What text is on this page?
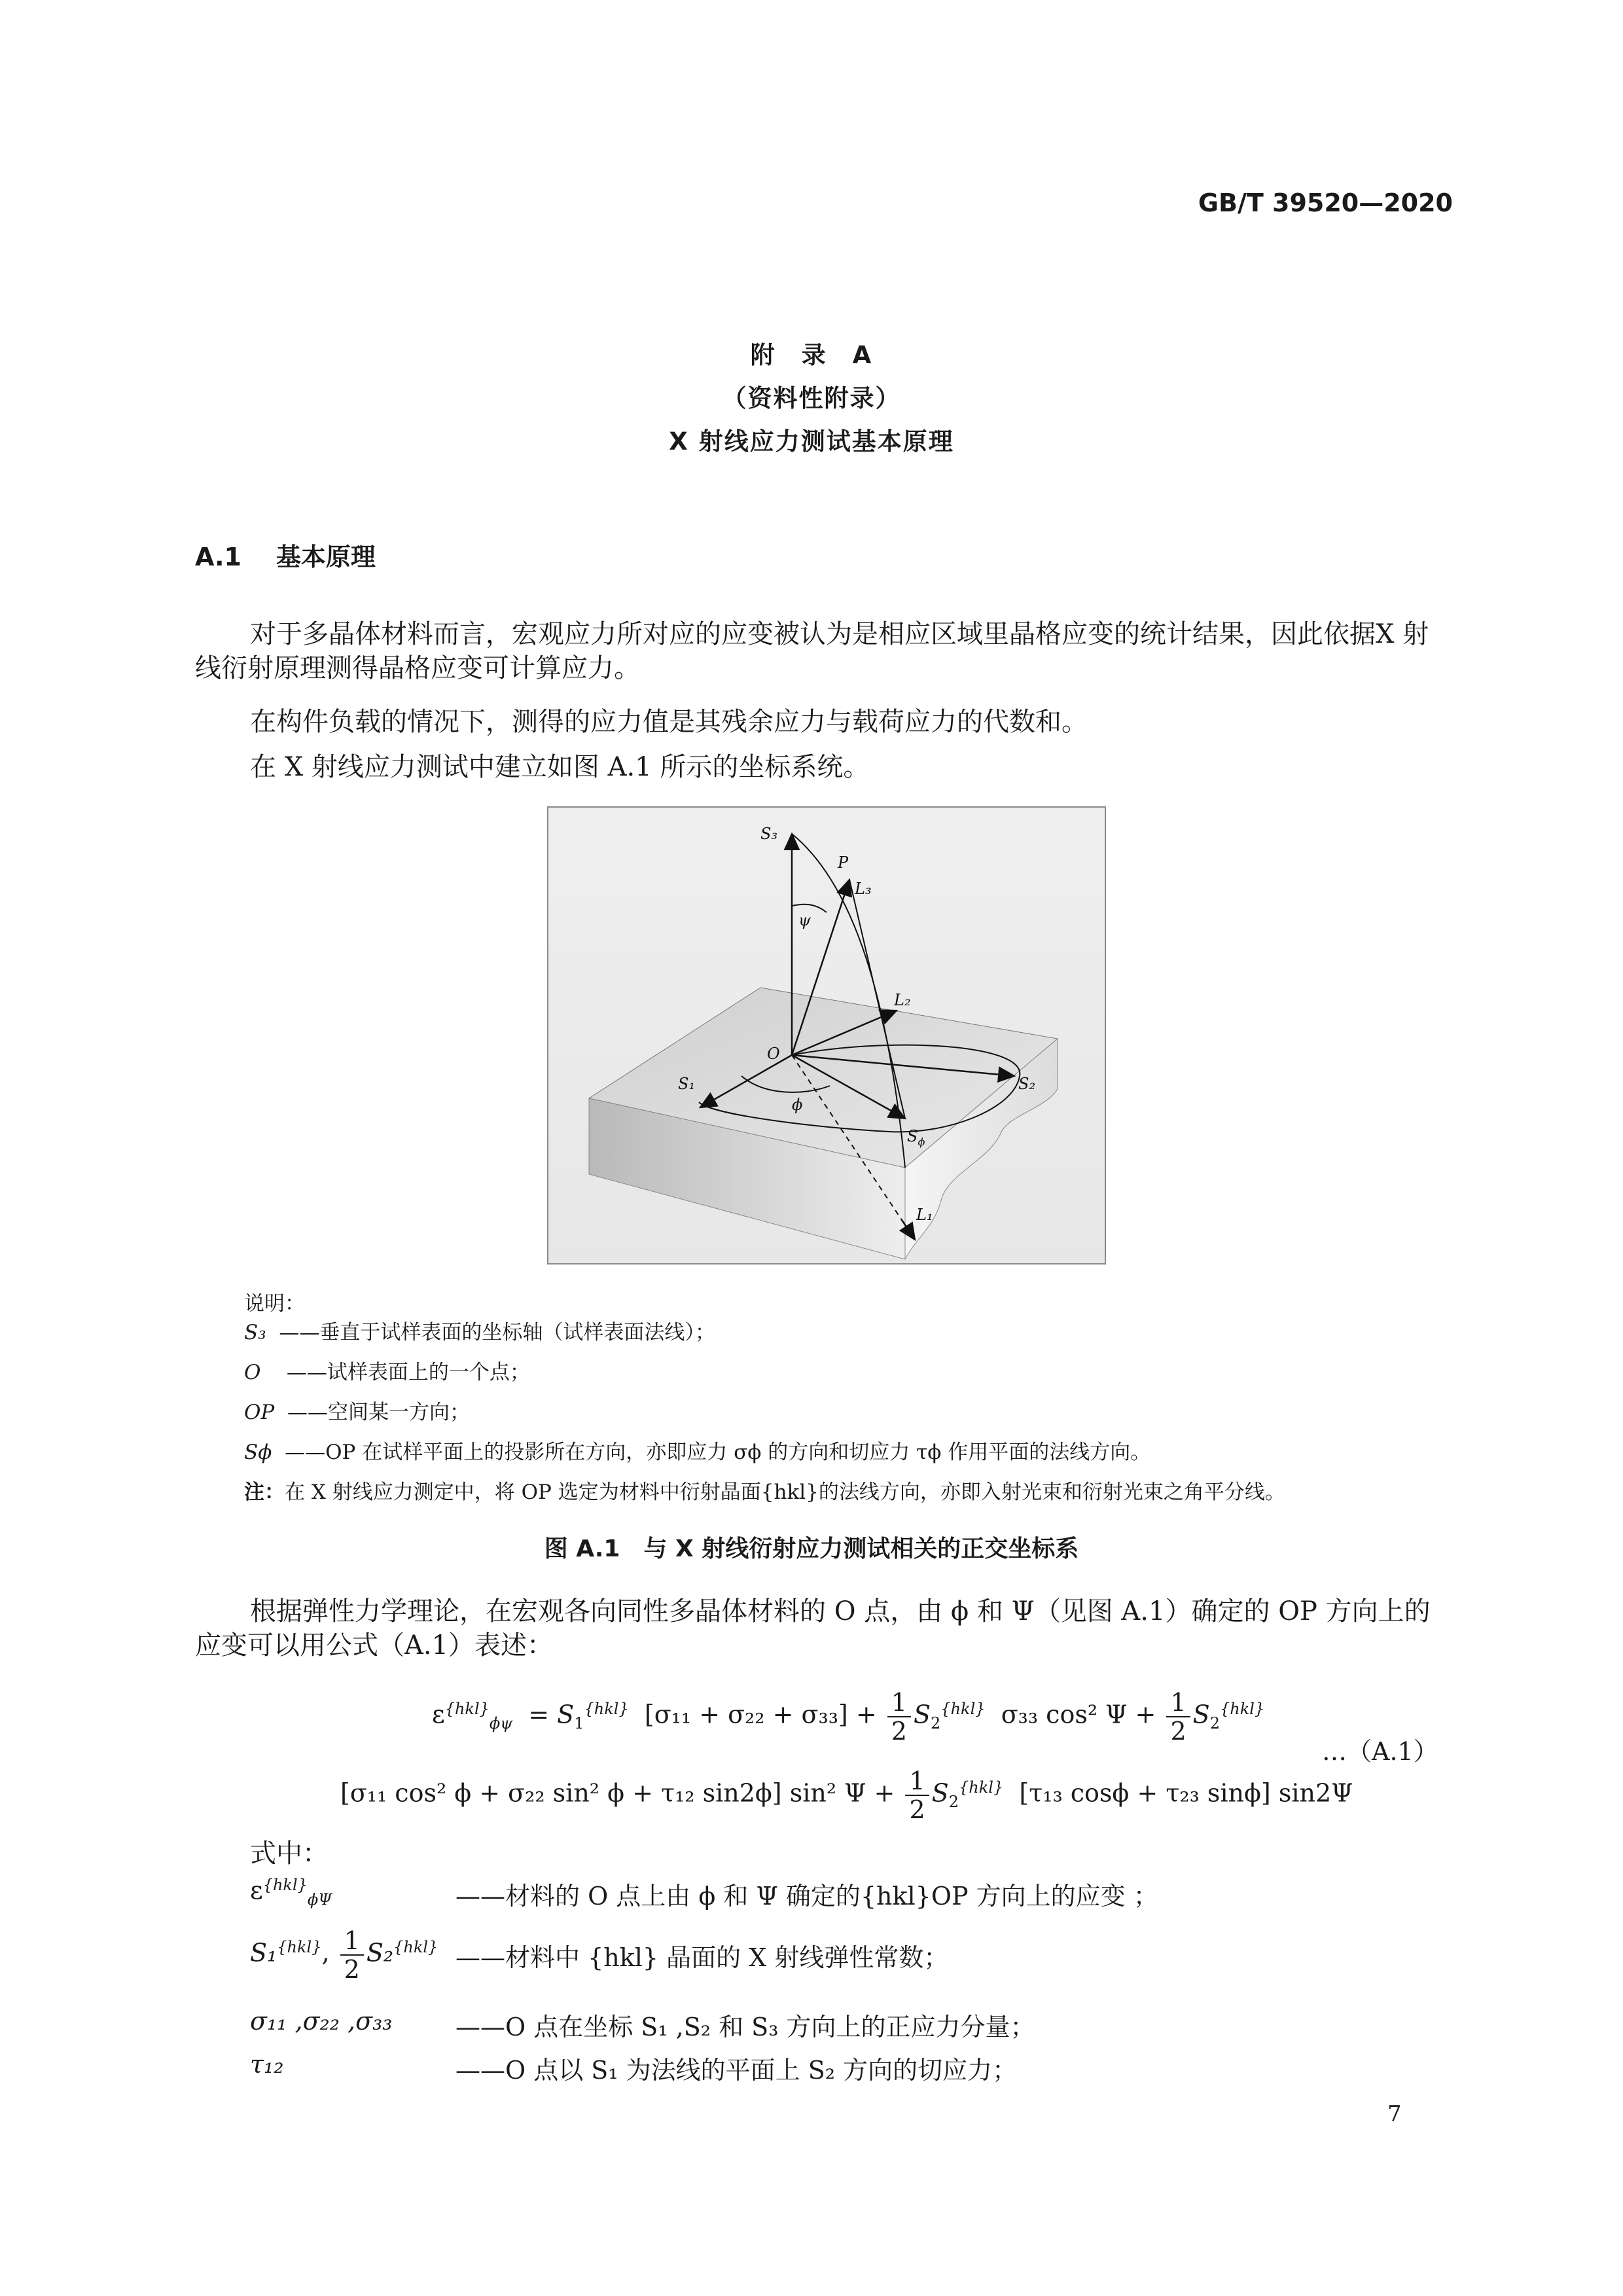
GB/T 39520—2020
附　录　A
（资料性附录）
X 射线应力测试基本原理
A.1 基本原理
对于多晶体材料而言，宏观应力所对应的应变被认为是相应区域里晶格应变的统计结果，因此依据X 射线衍射原理测得晶格应变可计算应力。
在构件负载的情况下，测得的应力值是其残余应力与载荷应力的代数和。
在 X 射线应力测试中建立如图 A.1 所示的坐标系统。
S₃
P
L₃
ψ
L₂
O
S₂
S₁
ϕ
$S_\phi$
L₁
说明：
S₃ ——垂直于试样表面的坐标轴（试样表面法线）；
O ——试样表面上的一个点；
OP ——空间某一方向；
Sϕ ——OP 在试样平面上的投影所在方向，亦即应力 σϕ 的方向和切应力 τϕ 作用平面的法线方向。
注：在 X 射线应力测定中，将 OP 选定为材料中衍射晶面{hkl}的法线方向，亦即入射光束和衍射光束之角平分线。
图 A.1　与 X 射线衍射应力测试相关的正交坐标系
根据弹性力学理论，在宏观各向同性多晶体材料的 O 点，由 ϕ 和 Ψ（见图 A.1）确定的 OP 方向上的应变可以用公式（A.1）表述：
$\varepsilon^{\{hkl\}}_{\phi\psi} = S_1^{\{hkl\}}$ $[\sigma_{11} + \sigma_{22} + \sigma_{33}] + \frac{1}{2} S_2^{\{hkl\}}$ σ₃₃ cos² $\Psi + \frac{1}{2} S_2^{\{hkl\}}$
[σ₁₁ cos² ϕ + σ₂₂ sin² ϕ + τ₁₂ sin2ϕ] sin² $\Psi + \frac{1}{2} S_2^{\{hkl\}}$ [τ₁₃ cosϕ + τ₂₃ sinϕ] sin2Ψ
…（A.1）
式中：
$\varepsilon^{\{hkl\}}_{\phi\Psi}$	——材料的 O 点上由 ϕ 和 Ψ 确定的{hkl}OP 方向上的应变 ；
S₁$^{\{hkl\}}$, $\frac{1}{2} S_2^{\{hkl\}}$ ——材料中 {hkl} 晶面的 X 射线弹性常数；
σ₁₁ ,σ₂₂ ,σ₃₃	——O 点在坐标 S₁ ,S₂ 和 S₃ 方向上的正应力分量；
τ₁₂	——O 点以 S₁ 为法线的平面上 S₂ 方向的切应力；
7
